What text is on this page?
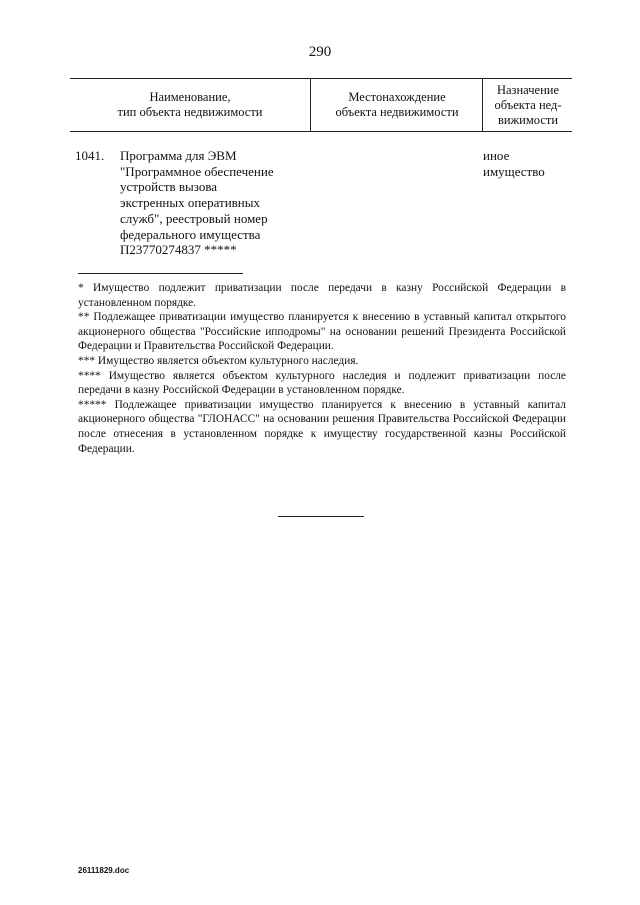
290
Наименование,
тип объекта недвижимости
Местонахождение
объекта недвижимости
Назначение
объекта нед-
вижимости
1041. Программа для ЭВМ
"Программное обеспечение
устройств вызова
экстренных оперативных
служб", реестровый номер
федерального имущества
П23770274837 *****
иное
имущество

* Имущество подлежит приватизации после передачи в казну Российской Федерации в установленном порядке.

** Подлежащее приватизации имущество планируется к внесению в уставный капитал открытого акционерного общества "Российские ипподромы" на основании решений Президента Российской Федерации и Правительства Российской Федерации.

*** Имущество является объектом культурного наследия.

**** Имущество является объектом культурного наследия и подлежит приватизации после передачи в казну Российской Федерации в установленном порядке.

***** Подлежащее приватизации имущество планируется к внесению в уставный капитал акционерного общества "ГЛОНАСС" на основании решения Правительства Российской Федерации после отнесения в установленном порядке к имуществу государственной казны Российской Федерации.

26111829.doc
